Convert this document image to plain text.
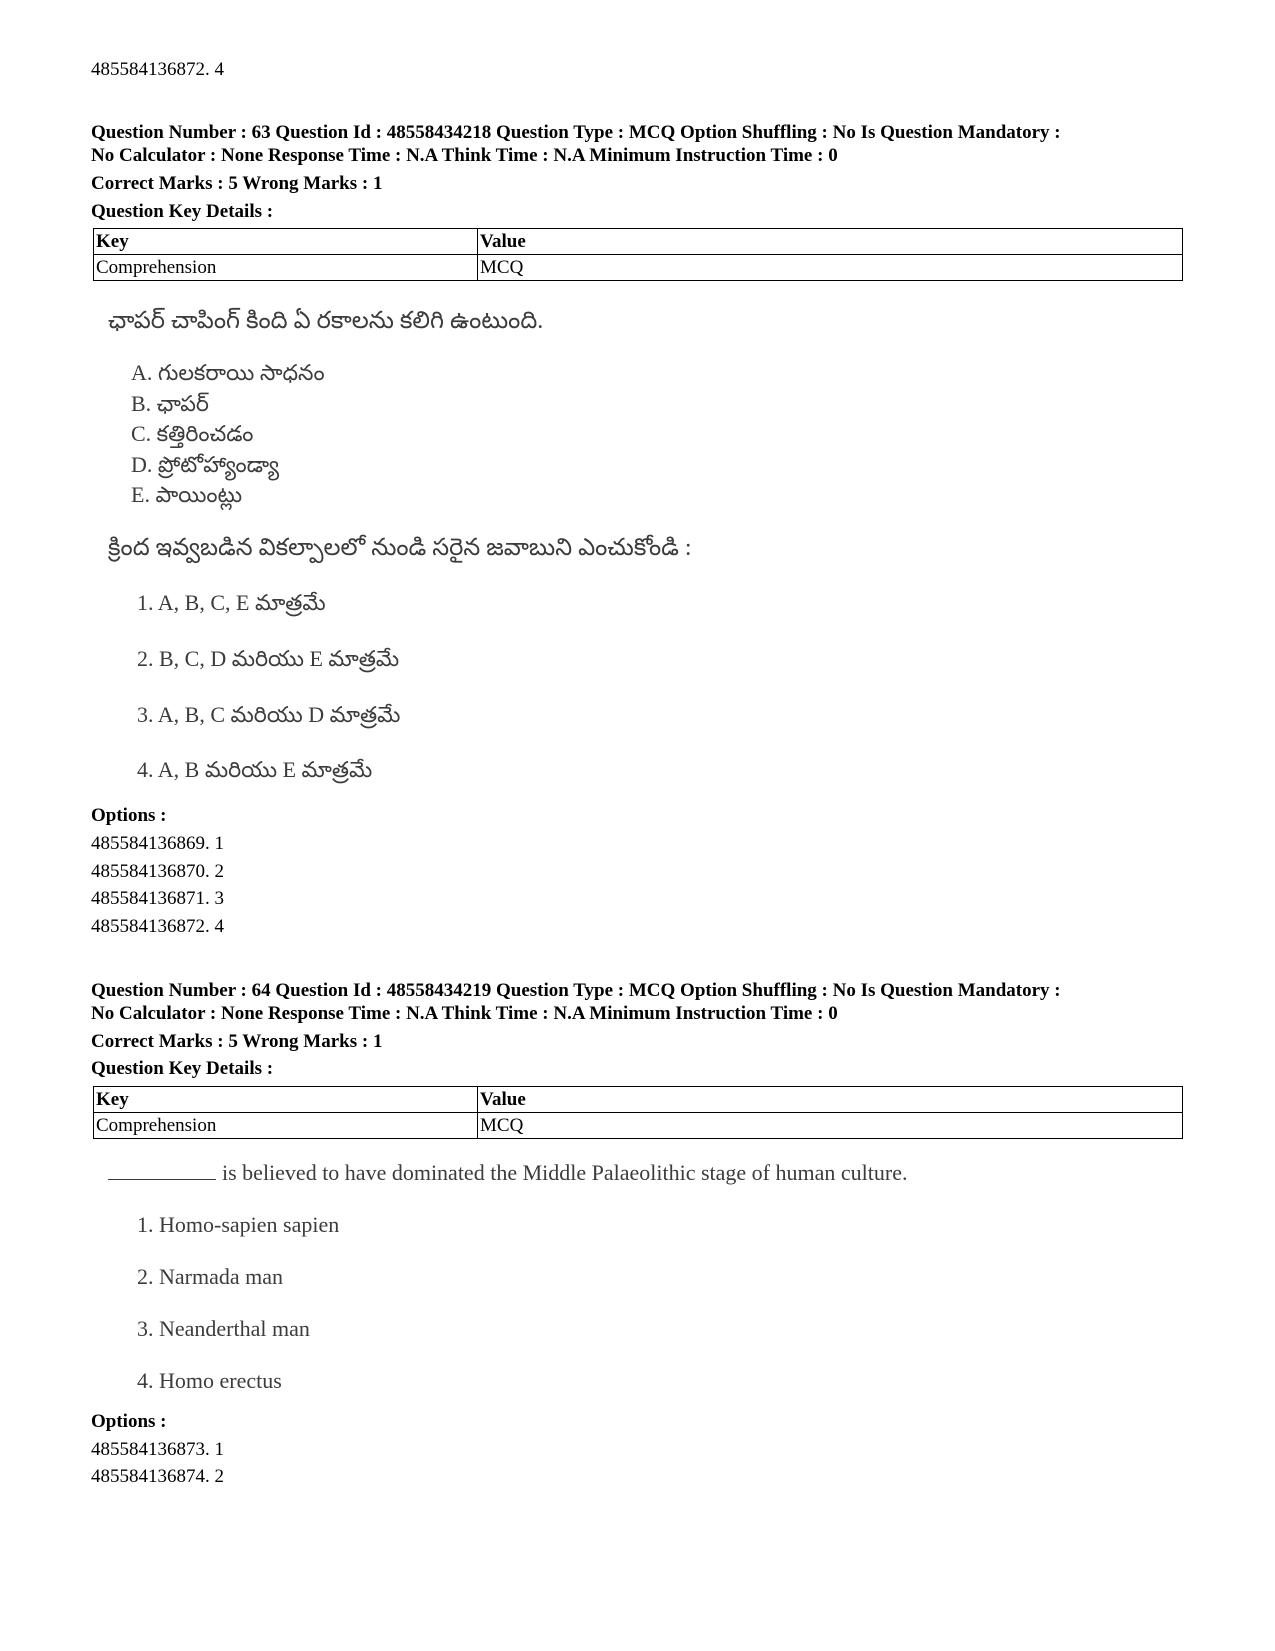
485584136872. 4
Question Number : 63 Question Id : 48558434218 Question Type : MCQ Option Shuffling : No Is Question Mandatory :
No Calculator : None Response Time : N.A Think Time : N.A Minimum Instruction Time : 0
Correct Marks : 5 Wrong Marks : 1
Question Key Details :
Key	Value
Comprehension	MCQ
ఛాపర్ చాపింగ్ కింది ఏ రకాలను కలిగి ఉంటుంది.
A. గులకరాయి సాధనం
B. ఛాపర్
C. కత్తిరించడం
D. ప్రోటోహ్యాండ్యా
E. పాయింట్లు
క్రింద ఇవ్వబడిన వికల్పాలలో నుండి సరైన జవాబుని ఎంచుకోండి :
1. A, B, C, E మాత్రమే
2. B, C, D మరియు E మాత్రమే
3. A, B, C మరియు D మాత్రమే
4. A, B మరియు E మాత్రమే
Options :
485584136869. 1
485584136870. 2
485584136871. 3
485584136872. 4
Question Number : 64 Question Id : 48558434219 Question Type : MCQ Option Shuffling : No Is Question Mandatory :
No Calculator : None Response Time : N.A Think Time : N.A Minimum Instruction Time : 0
Correct Marks : 5 Wrong Marks : 1
Question Key Details :
Key	Value
Comprehension	MCQ
is believed to have dominated the Middle Palaeolithic stage of human culture.
1. Homo-sapien sapien
2. Narmada man
3. Neanderthal man
4. Homo erectus
Options :
485584136873. 1
485584136874. 2
